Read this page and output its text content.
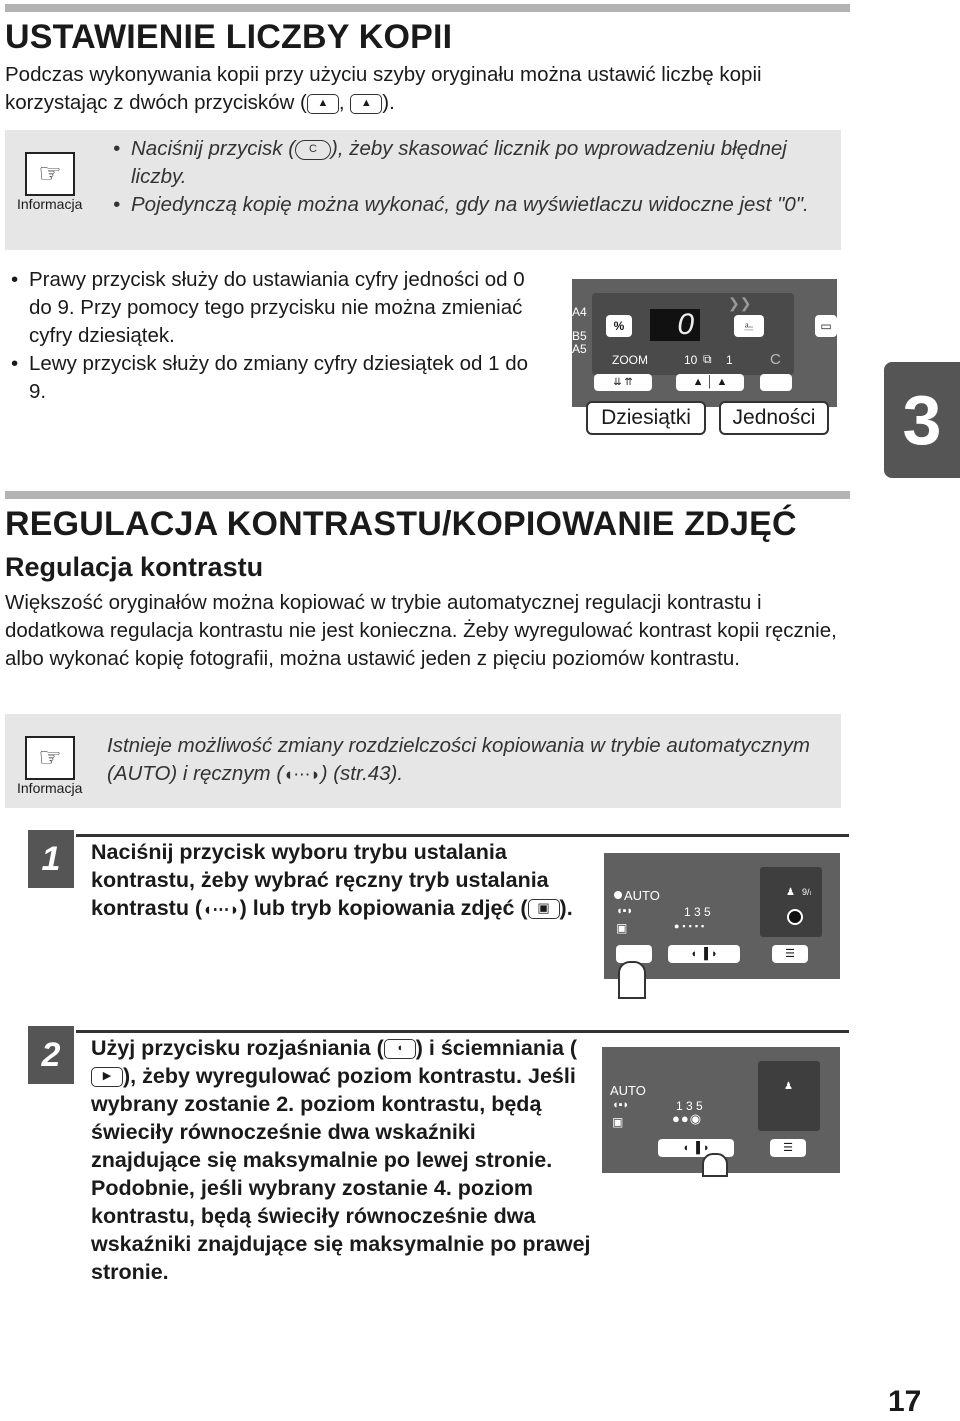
USTAWIENIE LICZBY KOPII
Podczas wykonywania kopii przy użyciu szyby oryginału można ustawić liczbę kopii korzystając z dwóch przycisków ( ▲ , ▲ ).
☞
Informacja
• Naciśnij przycisk ( C ), żeby skasować licznik po wprowadzeniu błędnej liczby.
• Pojedynczą kopię można wykonać, gdy na wyświetlaczu widoczne jest "0".
• Prawy przycisk służy do ustawiania cyfry jedności od 0 do 9. Przy pomocy tego przycisku nie można zmieniać cyfry dziesiątek.
• Lewy przycisk służy do zmiany cyfry dziesiątek od 1 do 9.
A4
B5
A5
%	0
❯❯
⎁	▭
ZOOM	10 ⧉ 1 C
⇊ ⇈	▲ │ ▲
Dziesiątki	Jedności 3
REGULACJA KONTRASTU/KOPIOWANIE ZDJĘĆ
Regulacja kontrastu
Większość oryginałów można kopiować w trybie automatycznej regulacji kontrastu i dodatkowa regulacja kontrastu nie jest konieczna. Żeby wyregulować kontrast kopii ręcznie, albo wykonać kopię fotografii, można ustawić jeden z pięciu poziomów kontrastu.
☞
Informacja
Istnieje możliwość zmiany rozdzielczości kopiowania w trybie automatycznym (AUTO) i ręcznym (◖⋯◗) (str.43).
1	Naciśnij przycisk wyboru trybu ustalania kontrastu, żeby wybrać ręczny tryb ustalania kontrastu (◖⋯◗) lub tryb kopiowania zdjęć ( ▣ ).
AUTO
◖▪◗
▣
1 3 5
●▪▪▪▪
♟ 9/ₗ
◖ ▐ ◗	☰
2	Użyj przycisku rozjaśniania ( ◖ ) i ściemniania (▶ ), żeby wyregulować poziom kontrastu. Jeśli wybrany zostanie 2. poziom kontrastu, będą świeciły równocześnie dwa wskaźniki znajdujące się maksymalnie po lewej stronie. Podobnie, jeśli wybrany zostanie 4. poziom kontrastu, będą świeciły równocześnie dwa wskaźniki znajdujące się maksymalnie po prawej stronie.
AUTO
◖▪◗
▣
1 3 5
●●◉
♟
◖ ▐ ◗	☰
17
